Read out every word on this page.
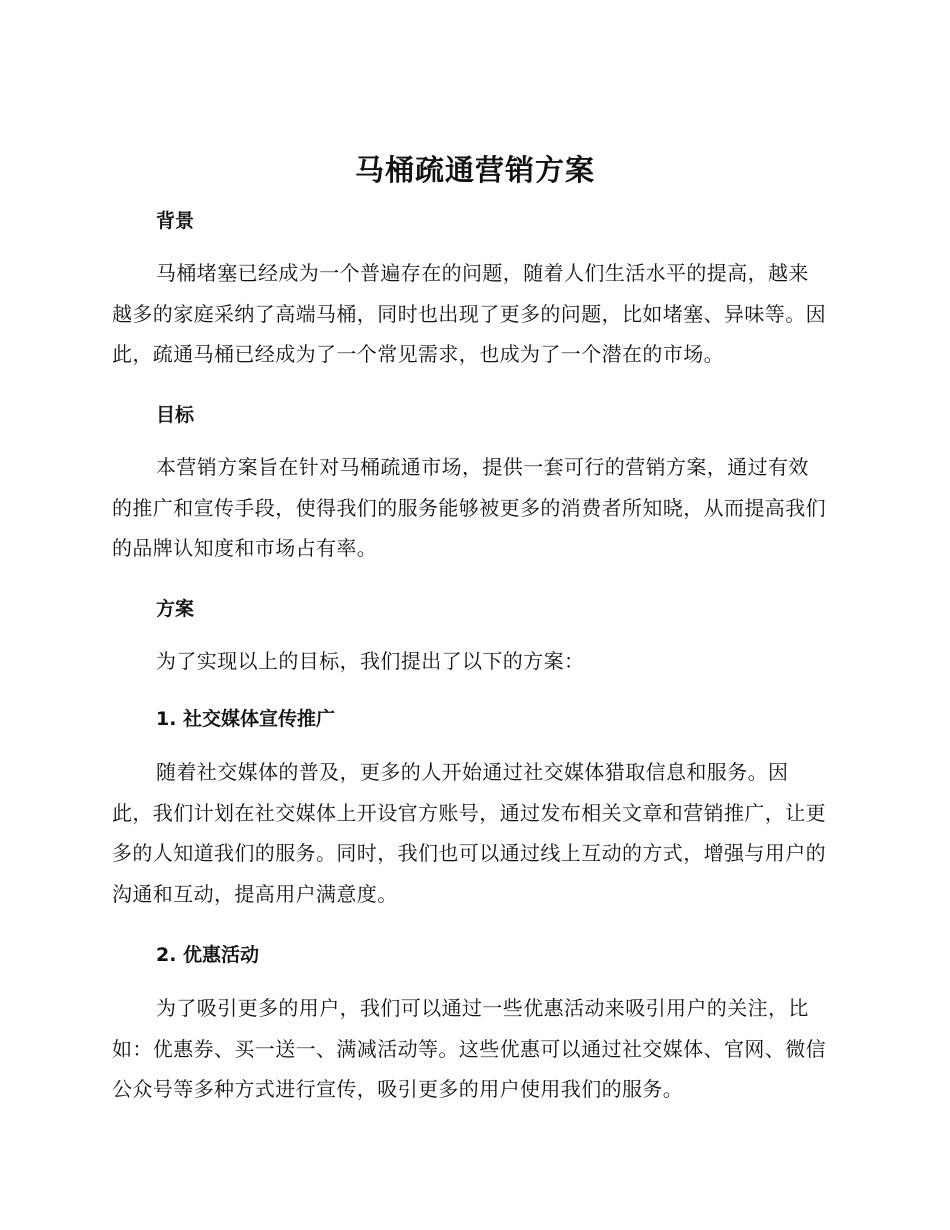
马桶疏通营销方案
背景

马桶堵塞已经成为一个普遍存在的问题，随着人们生活水平的提高，越来越多的家庭采纳了高端马桶，同时也出现了更多的问题，比如堵塞、异味等。因此，疏通马桶已经成为了一个常见需求，也成为了一个潜在的市场。

目标

本营销方案旨在针对马桶疏通市场，提供一套可行的营销方案，通过有效的推广和宣传手段，使得我们的服务能够被更多的消费者所知晓，从而提高我们的品牌认知度和市场占有率。

方案

为了实现以上的目标，我们提出了以下的方案：

1. 社交媒体宣传推广

随着社交媒体的普及，更多的人开始通过社交媒体猎取信息和服务。因此，我们计划在社交媒体上开设官方账号，通过发布相关文章和营销推广，让更多的人知道我们的服务。同时，我们也可以通过线上互动的方式，增强与用户的沟通和互动，提高用户满意度。

2. 优惠活动

为了吸引更多的用户，我们可以通过一些优惠活动来吸引用户的关注，比如：优惠券、买一送一、满减活动等。这些优惠可以通过社交媒体、官网、微信公众号等多种方式进行宣传，吸引更多的用户使用我们的服务。
